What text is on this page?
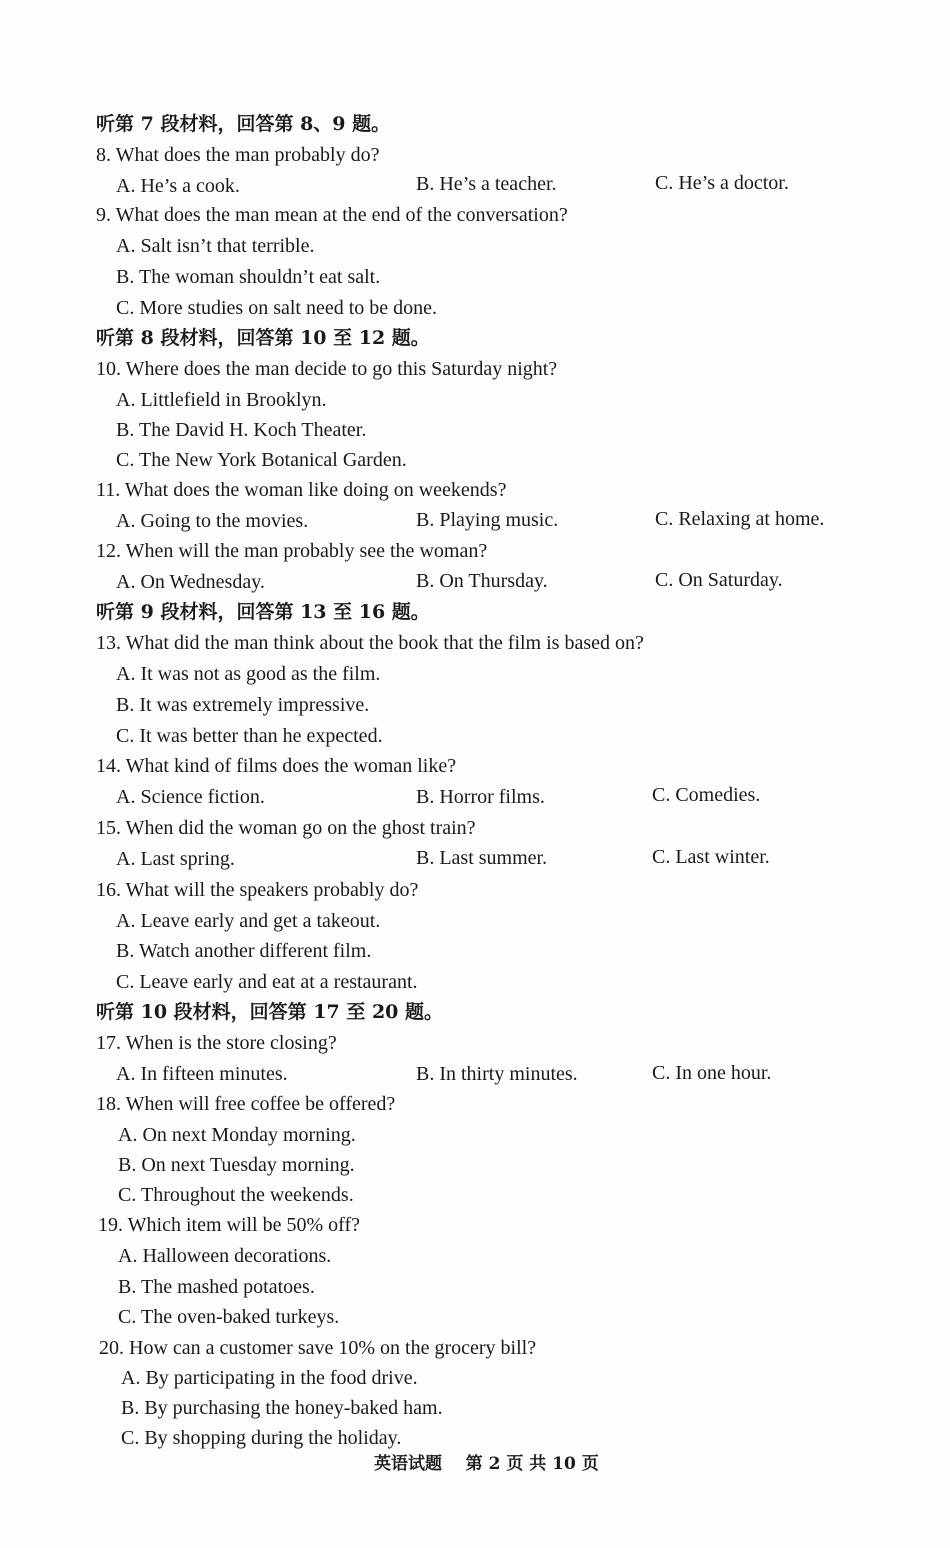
听第 7 段材料，回答第 8、9 题。
8. What does the man probably do?
A. He’s a cook.	B. He’s a teacher.	C. He’s a doctor.
9. What does the man mean at the end of the conversation?
A. Salt isn’t that terrible.
B. The woman shouldn’t eat salt.
C. More studies on salt need to be done.
听第 8 段材料，回答第 10 至 12 题。
10. Where does the man decide to go this Saturday night?
A. Littlefield in Brooklyn.
B. The David H. Koch Theater.
C. The New York Botanical Garden.
11. What does the woman like doing on weekends?
A. Going to the movies.	B. Playing music.	C. Relaxing at home.
12. When will the man probably see the woman?
A. On Wednesday.	B. On Thursday.	C. On Saturday.
听第 9 段材料，回答第 13 至 16 题。
13. What did the man think about the book that the film is based on?
A. It was not as good as the film.
B. It was extremely impressive.
C. It was better than he expected.
14. What kind of films does the woman like?
A. Science fiction.	B. Horror films.	C. Comedies.
15. When did the woman go on the ghost train?
A. Last spring.	B. Last summer.	C. Last winter.
16. What will the speakers probably do?
A. Leave early and get a takeout.
B. Watch another different film.
C. Leave early and eat at a restaurant.
听第 10 段材料，回答第 17 至 20 题。
17. When is the store closing?
A. In fifteen minutes.	B. In thirty minutes.	C. In one hour.
18. When will free coffee be offered?
A. On next Monday morning.
B. On next Tuesday morning.
C. Throughout the weekends.
19. Which item will be 50% off?
A. Halloween decorations.
B. The mashed potatoes.
C. The oven-baked turkeys.
20. How can a customer save 10% on the grocery bill?
A. By participating in the food drive.
B. By purchasing the honey-baked ham.
C. By shopping during the holiday.
英语试题    第 2 页 共 10 页
